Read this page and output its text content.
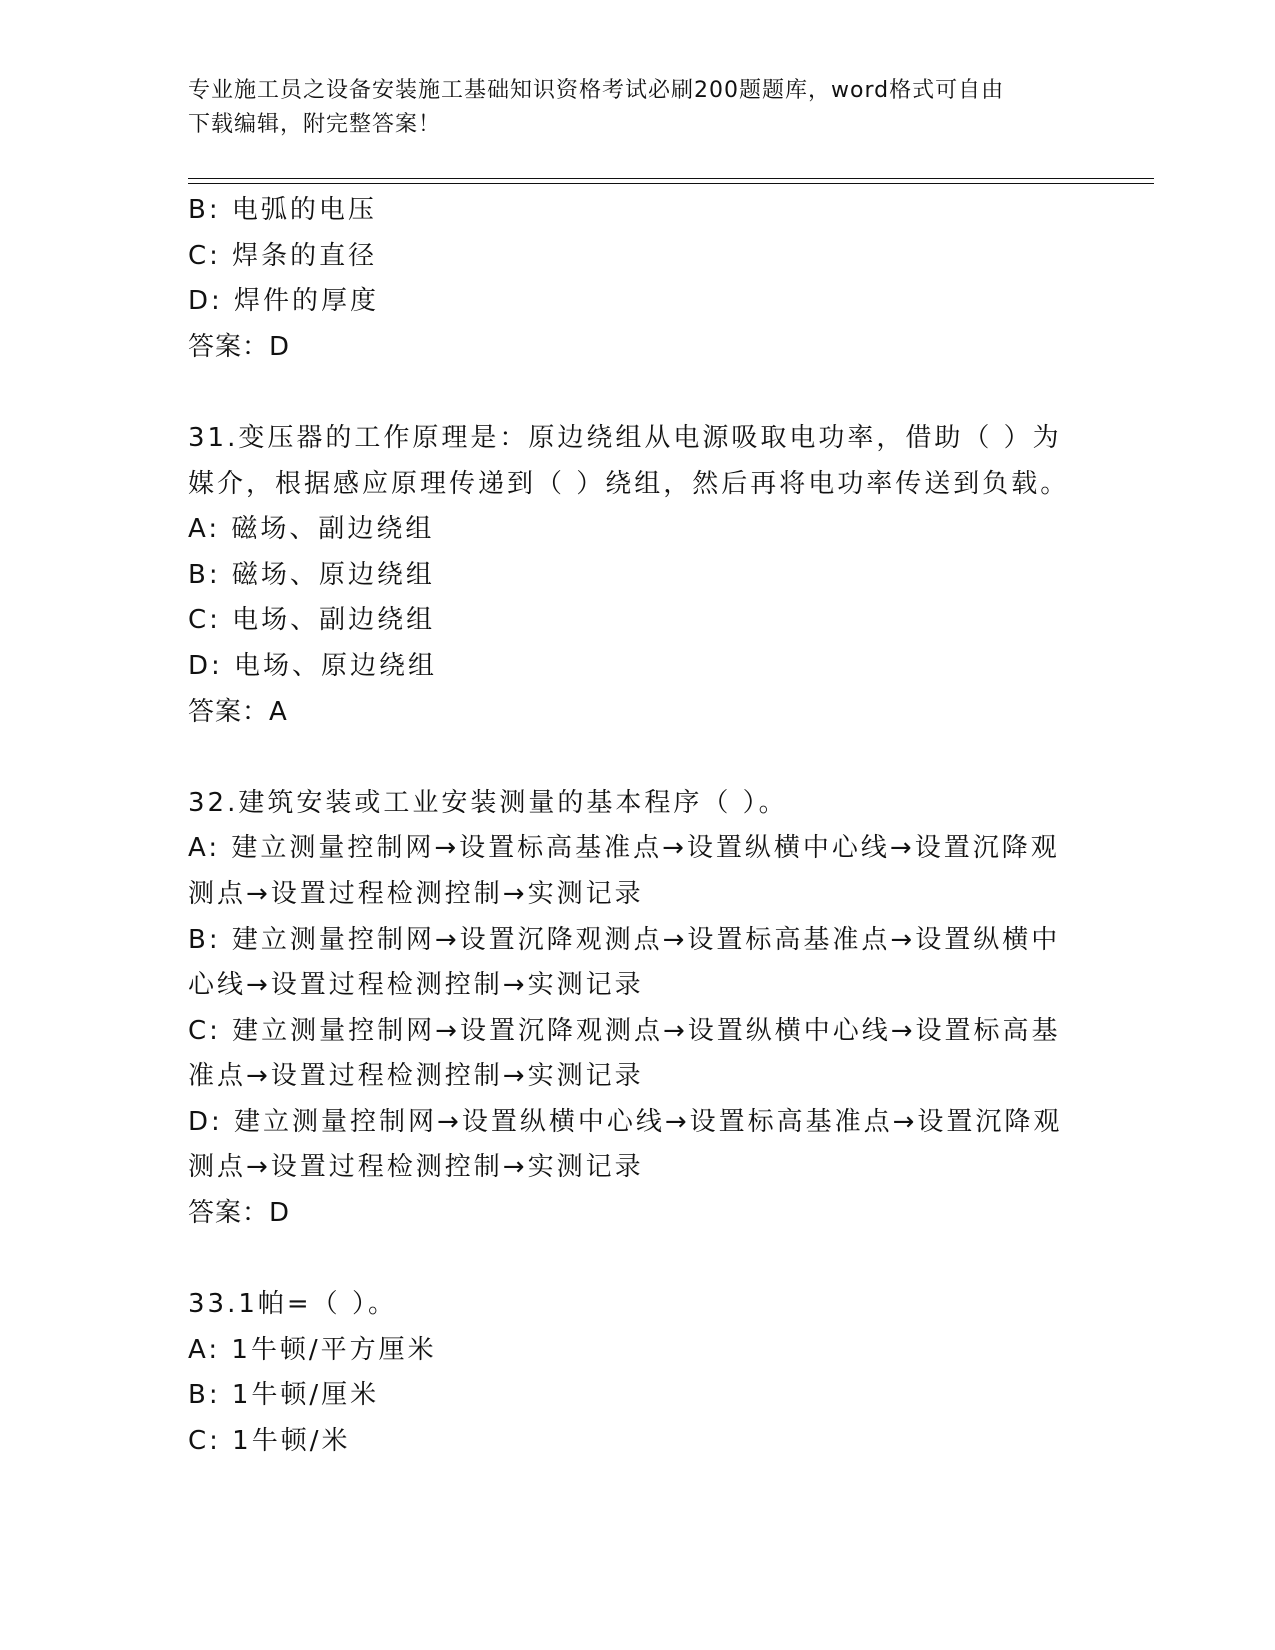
专业施工员之设备安装施工基础知识资格考试必刷200题题库，word格式可自由
下载编辑，附完整答案！

B: 电弧的电压

C: 焊条的直径

D: 焊件的厚度

答案：D

31.变压器的工作原理是：原边绕组从电源吸取电功率，借助（ ）为

媒介，根据感应原理传递到（ ）绕组，然后再将电功率传送到负载。

A: 磁场、副边绕组

B: 磁场、原边绕组

C: 电场、副边绕组

D: 电场、原边绕组

答案：A

32.建筑安装或工业安装测量的基本程序（ ）。

A: 建立测量控制网→设置标高基准点→设置纵横中心线→设置沉降观

测点→设置过程检测控制→实测记录

B: 建立测量控制网→设置沉降观测点→设置标高基准点→设置纵横中

心线→设置过程检测控制→实测记录

C: 建立测量控制网→设置沉降观测点→设置纵横中心线→设置标高基

准点→设置过程检测控制→实测记录

D: 建立测量控制网→设置纵横中心线→设置标高基准点→设置沉降观

测点→设置过程检测控制→实测记录

答案：D

33.1帕=（ ）。

A: 1牛顿/平方厘米

B: 1牛顿/厘米

C: 1牛顿/米
